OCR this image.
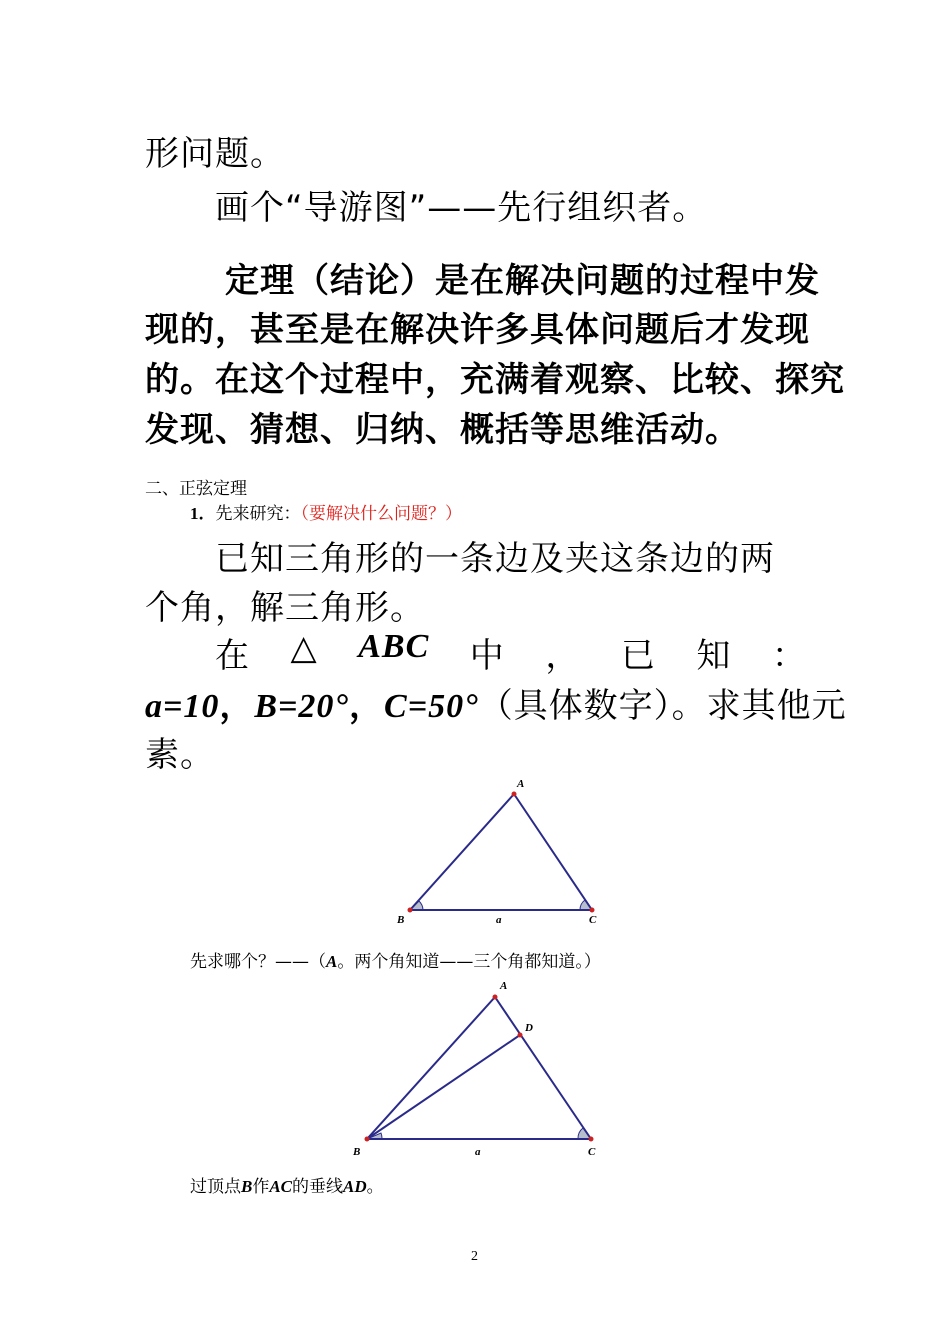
形问题。

画个“导游图”——先行组织者。

定理（结论）是在解决问题的过程中发

现的，甚至是在解决许多具体问题后才发现

的。在这个过程中，充满着观察、比较、探究

发现、猜想、归纳、概括等思维活动。

二、正弦定理

1．先来研究：（要解决什么问题？）

已知三角形的一条边及夹这条边的两

个角，解三角形。

在 △ ABC 中 ， 已 知 ：

a=10，B=20°，C=50°（具体数字）。求其他元

素。

A
B	C
a

先求哪个？——（A。两个角知道——三个角都知道。）

A
D
B	C
a

过顶点B作AC的垂线AD。

2
